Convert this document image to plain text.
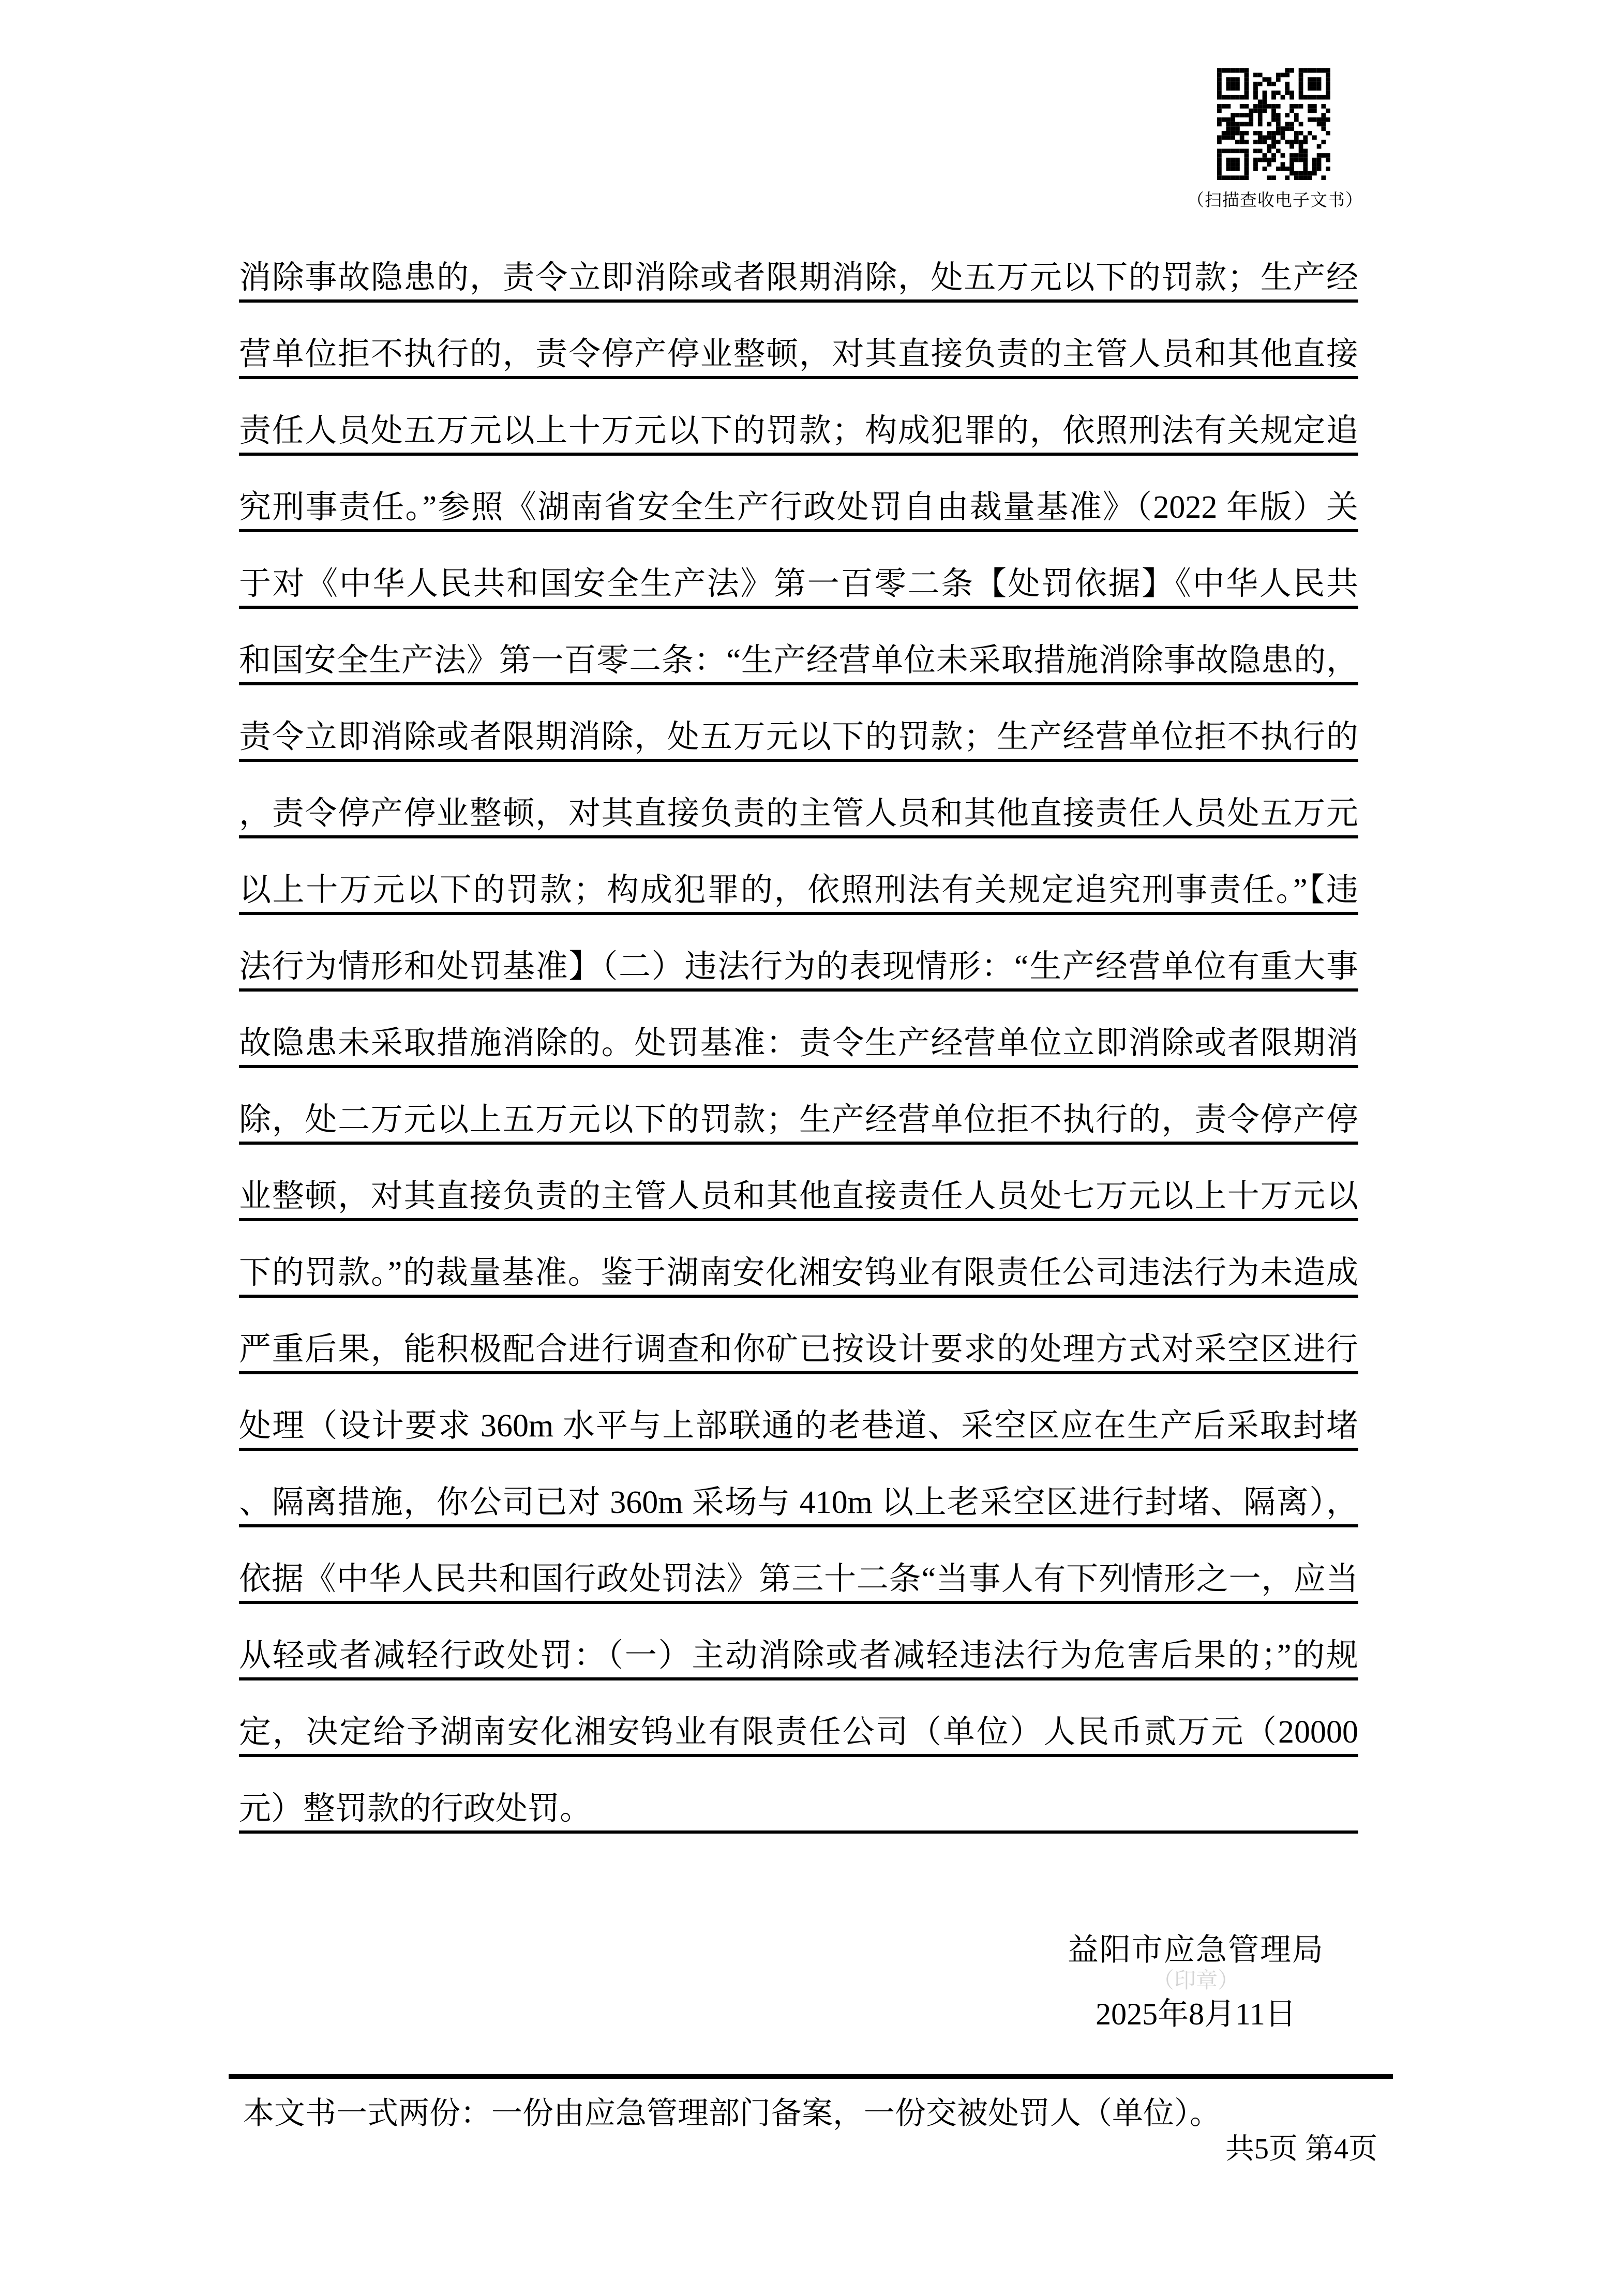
（扫描查收电子文书）
消除事故隐患的，责令立即消除或者限期消除，处五万元以下的罚款；生产经
营单位拒不执行的，责令停产停业整顿，对其直接负责的主管人员和其他直接
责任人员处五万元以上十万元以下的罚款；构成犯罪的，依照刑法有关规定追
究刑事责任。”参照《湖南省安全生产行政处罚自由裁量基准》（2022 年版）关
于对《中华人民共和国安全生产法》第一百零二条【处罚依据】《中华人民共
和国安全生产法》第一百零二条：“生产经营单位未采取措施消除事故隐患的，
责令立即消除或者限期消除，处五万元以下的罚款；生产经营单位拒不执行的
，责令停产停业整顿，对其直接负责的主管人员和其他直接责任人员处五万元
以上十万元以下的罚款；构成犯罪的，依照刑法有关规定追究刑事责任。”【违
法行为情形和处罚基准】（二）违法行为的表现情形：“生产经营单位有重大事
故隐患未采取措施消除的。处罚基准：责令生产经营单位立即消除或者限期消
除，处二万元以上五万元以下的罚款；生产经营单位拒不执行的，责令停产停
业整顿，对其直接负责的主管人员和其他直接责任人员处七万元以上十万元以
下的罚款。”的裁量基准。鉴于湖南安化湘安钨业有限责任公司违法行为未造成
严重后果，能积极配合进行调查和你矿已按设计要求的处理方式对采空区进行
处理（设计要求 360m 水平与上部联通的老巷道、采空区应在生产后采取封堵
、隔离措施，你公司已对 360m 采场与 410m 以上老采空区进行封堵、隔离），
依据《中华人民共和国行政处罚法》第三十二条“当事人有下列情形之一，应当
从轻或者减轻行政处罚：（一）主动消除或者减轻违法行为危害后果的；”的规
定，决定给予湖南安化湘安钨业有限责任公司（单位）人民币贰万元（20000
元）整罚款的行政处罚。
益阳市应急管理局
（印章）
2025年8月11日
本文书一式两份：一份由应急管理部门备案，一份交被处罚人（单位）。
共5页 第4页
